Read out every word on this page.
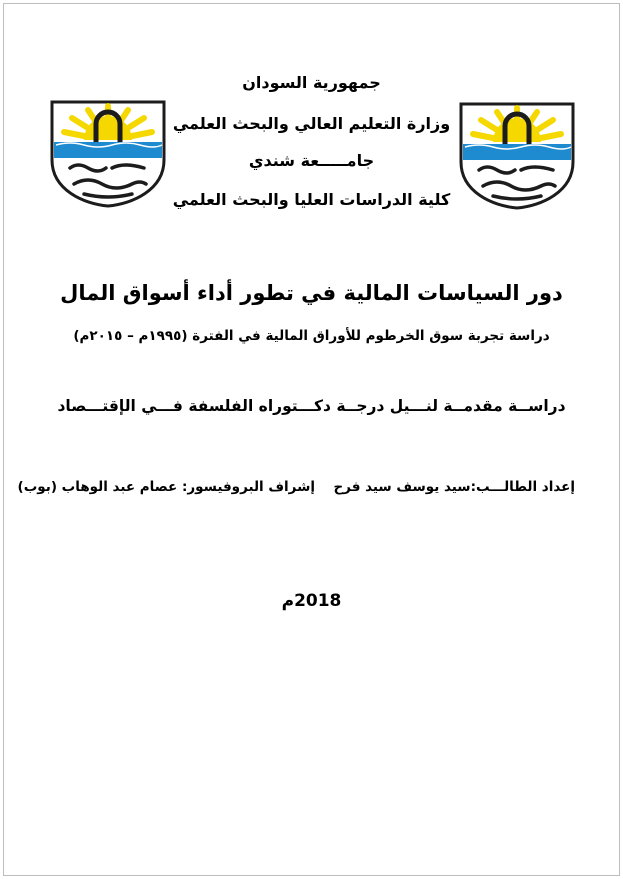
جمهورية السودان
وزارة التعليم العالي والبحث العلمي
جامـــــعة شندي
كلية الدراسات العليا والبحث العلمي
دور السياسات المالية في تطور أداء أسواق المال
دراسة تجربة سوق الخرطوم للأوراق المالية في الفترة (١٩٩٥م – ٢٠١٥م)
دراســة مقدمــة لنـــيل درجــة دكـــتوراه الفلسفة فـــي الإقتـــصاد
إعداد الطالـــب:سيد يوسف سيد فرح
إشراف البروفيسور: عصام عبد الوهاب (بوب)
2018م
